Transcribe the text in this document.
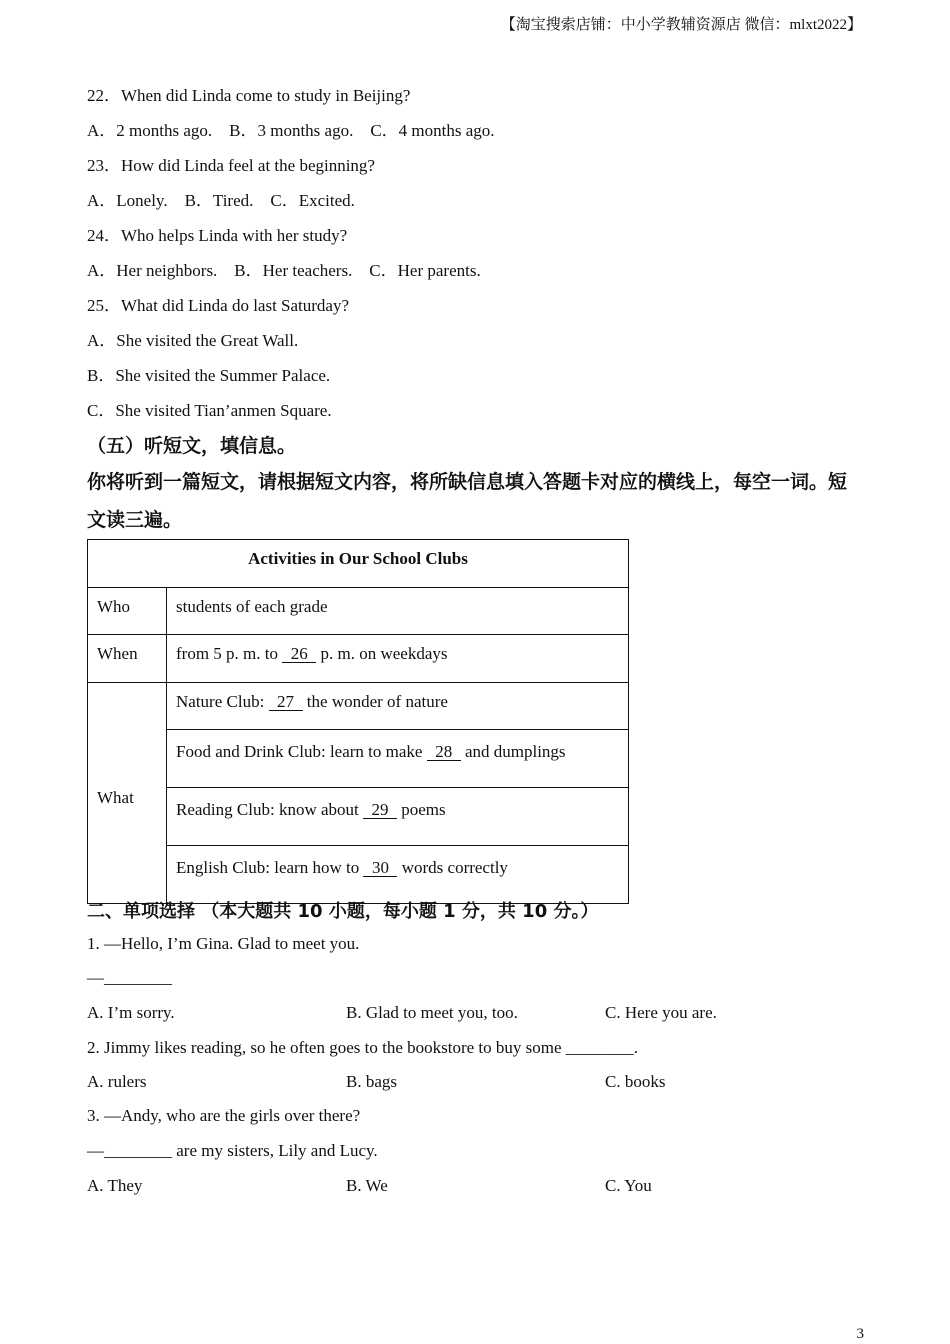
【淘宝搜索店铺：中小学教辅资源店 微信：mlxt2022】
22．When did Linda come to study in Beijing?
A．2 months ago.    B．3 months ago.    C．4 months ago.
23．How did Linda feel at the beginning?
A．Lonely.    B．Tired.    C．Excited.
24．Who helps Linda with her study?
A．Her neighbors.    B．Her teachers.    C．Her parents.
25．What did Linda do last Saturday?
A．She visited the Great Wall.
B．She visited the Summer Palace.
C．She visited Tian’anmen Square.
（五）听短文，填信息。
你将听到一篇短文，请根据短文内容，将所缺信息填入答题卡对应的横线上，每空一词。短
文读三遍。
Activities in Our School Clubs	
Who	students of each grade
When	from 5 p. m. to 26 p. m. on weekdays
What	Nature Club: 27 the wonder of nature
	Food and Drink Club: learn to make 28 and dumplings
	Reading Club: know about 29 poems
	English Club: learn how to 30 words correctly
二、单项选择 （本大题共 10 小题，每小题 1 分，共 10 分。）
1. —Hello, I’m Gina. Glad to meet you.
—________
A. I’m sorry.	B. Glad to meet you, too.	C. Here you are.
2. Jimmy likes reading, so he often goes to the bookstore to buy some ________.
A. rulers	B. bags	C. books
3. —Andy, who are the girls over there?
—________ are my sisters, Lily and Lucy.
A. They	B. We	C. You
3
